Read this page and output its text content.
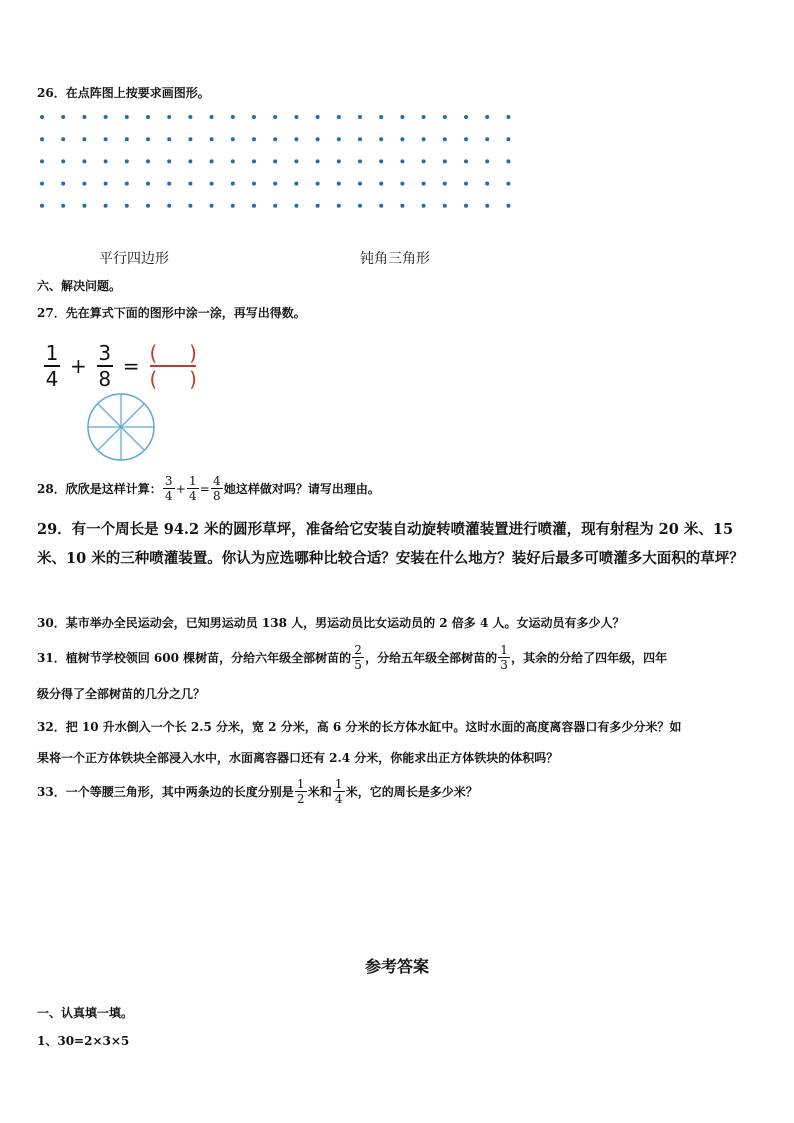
26．在点阵图上按要求画图形。
平行四边形	钝角三角形
六、解决问题。
27．先在算式下面的图形中涂一涂，再写出得数。
$\frac{1}{4} + \frac{3}{8} = \frac{( )}{( )}$
28．欣欣是这样计算： $\frac{3}{4} + \frac{1}{4} = \frac{4}{8}$ 她这样做对吗？请写出理由。
29．有一个周长是 94.2 米的圆形草坪，准备给它安装自动旋转喷灌装置进行喷灌，现有射程为 20 米、15 米、10 米的三种喷灌装置。你认为应选哪种比较合适？安装在什么地方？装好后最多可喷灌多大面积的草坪？
30．某市举办全民运动会，已知男运动员 138 人，男运动员比女运动员的 2 倍多 4 人。女运动员有多少人？
31．植树节学校领回 600 棵树苗，分给六年级全部树苗的 $\frac{2}{5}$ ，分给五年级全部树苗的 $\frac{1}{3}$ ，其余的分给了四年级，四年
级分得了全部树苗的几分之几？
32．把 10 升水倒入一个长 2.5 分米，宽 2 分米，高 6 分米的长方体水缸中。这时水面的高度离容器口有多少分米？如
果将一个正方体铁块全部浸入水中，水面离容器口还有 2.4 分米，你能求出正方体铁块的体积吗？
33．一个等腰三角形，其中两条边的长度分别是 $\frac{1}{2}$ 米和 $\frac{1}{4}$ 米，它的周长是多少米？
参考答案
一、认真填一填。
1、30=2×3×5
